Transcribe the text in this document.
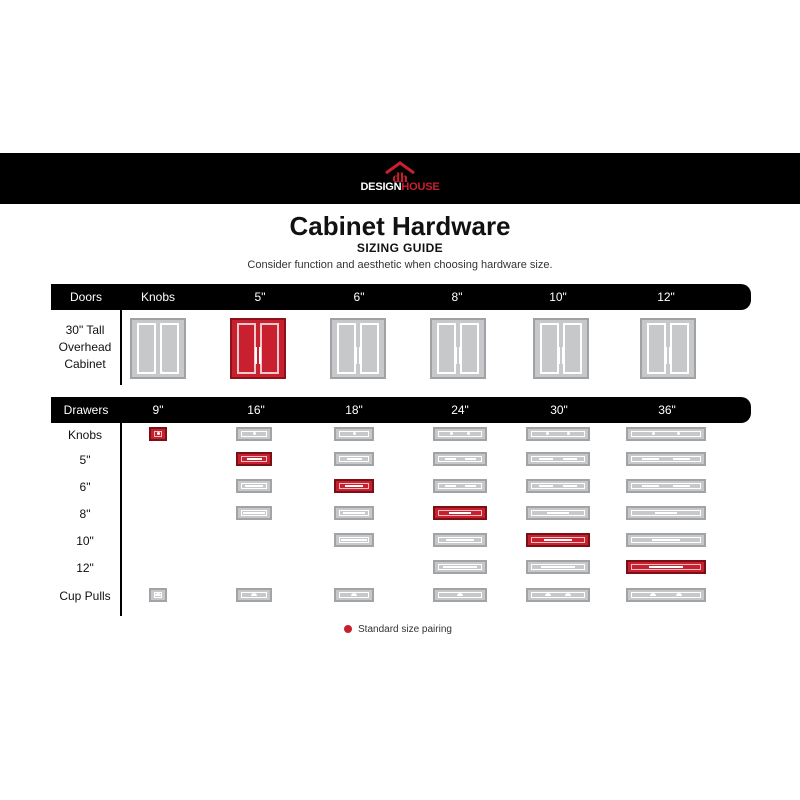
dh
DESIGNHOUSE
Cabinet Hardware
SIZING GUIDE
Consider function and aesthetic when choosing hardware size.
Doors	Knobs	5"	6"	8"	10"	12"
30" Tall
Overhead
Cabinet
Drawers	9"	16"	18"	24"	30"	36"
Knobs
5"
6"
8"
10"
12"
Cup Pulls
Standard size pairing
